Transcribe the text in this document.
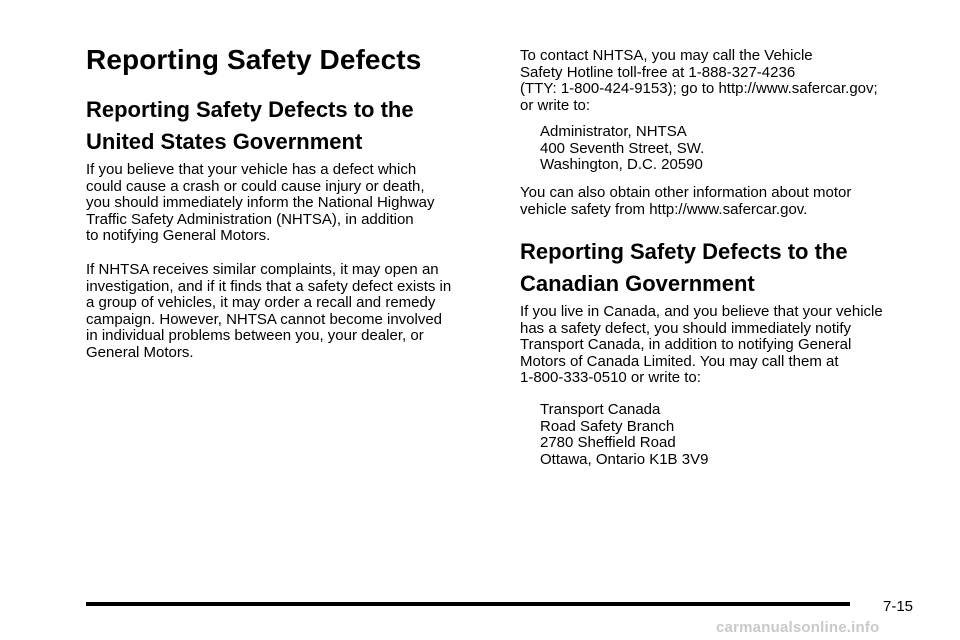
Reporting Safety Defects
Reporting Safety Defects to the
United States Government

If you believe that your vehicle has a defect which
could cause a crash or could cause injury or death,
you should immediately inform the National Highway
Traffic Safety Administration (NHTSA), in addition
to notifying General Motors.

If NHTSA receives similar complaints, it may open an
investigation, and if it finds that a safety defect exists in
a group of vehicles, it may order a recall and remedy
campaign. However, NHTSA cannot become involved
in individual problems between you, your dealer, or
General Motors.

To contact NHTSA, you may call the Vehicle
Safety Hotline toll-free at 1-888-327-4236
(TTY: 1-800-424-9153); go to http://www.safercar.gov;
or write to:

Administrator, NHTSA
400 Seventh Street, SW.
Washington, D.C. 20590

You can also obtain other information about motor
vehicle safety from http://www.safercar.gov.

Reporting Safety Defects to the
Canadian Government

If you live in Canada, and you believe that your vehicle
has a safety defect, you should immediately notify
Transport Canada, in addition to notifying General
Motors of Canada Limited. You may call them at
1-800-333-0510 or write to:

Transport Canada
Road Safety Branch
2780 Sheffield Road
Ottawa, Ontario K1B 3V9
7-15
carmanualsonline.info
